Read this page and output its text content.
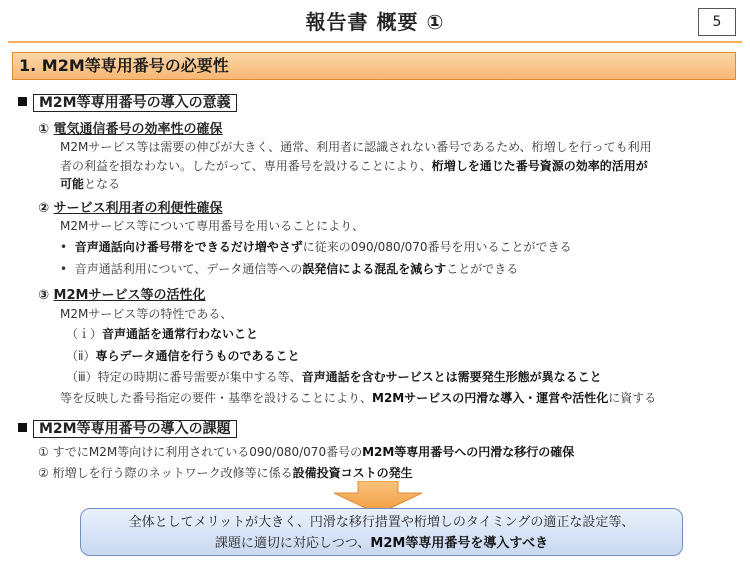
報告書 概要 ①	5
1. M2M等専用番号の必要性
M2M等専用番号の導入の意義
① 電気通信番号の効率性の確保
M2Mサービス等は需要の伸びが大きく、通常、利用者に認識されない番号であるため、桁増しを行っても利用
者の利益を損なわない。したがって、専用番号を設けることにより、桁増しを通じた番号資源の効率的活用が
可能となる
② サービス利用者の利便性確保
M2Mサービス等について専用番号を用いることにより、
•  音声通話向け番号帯をできるだけ増やさずに従来の090/080/070番号を用いることができる
•  音声通話利用について、データ通信等への誤発信による混乱を減らすことができる
③ M2Mサービス等の活性化
M2Mサービス等の特性である、
（ｉ）音声通話を通常行わないこと
（ⅱ）専らデータ通信を行うものであること
（ⅲ）特定の時期に番号需要が集中する等、音声通話を含むサービスとは需要発生形態が異なること
等を反映した番号指定の要件・基準を設けることにより、M2Mサービスの円滑な導入・運営や活性化に資する
M2M等専用番号の導入の課題
① すでにM2M等向けに利用されている090/080/070番号のM2M等専用番号への円滑な移行の確保
② 桁増しを行う際のネットワーク改修等に係る設備投資コストの発生
全体としてメリットが大きく、円滑な移行措置や桁増しのタイミングの適正な設定等、
課題に適切に対応しつつ、M2M等専用番号を導入すべき
